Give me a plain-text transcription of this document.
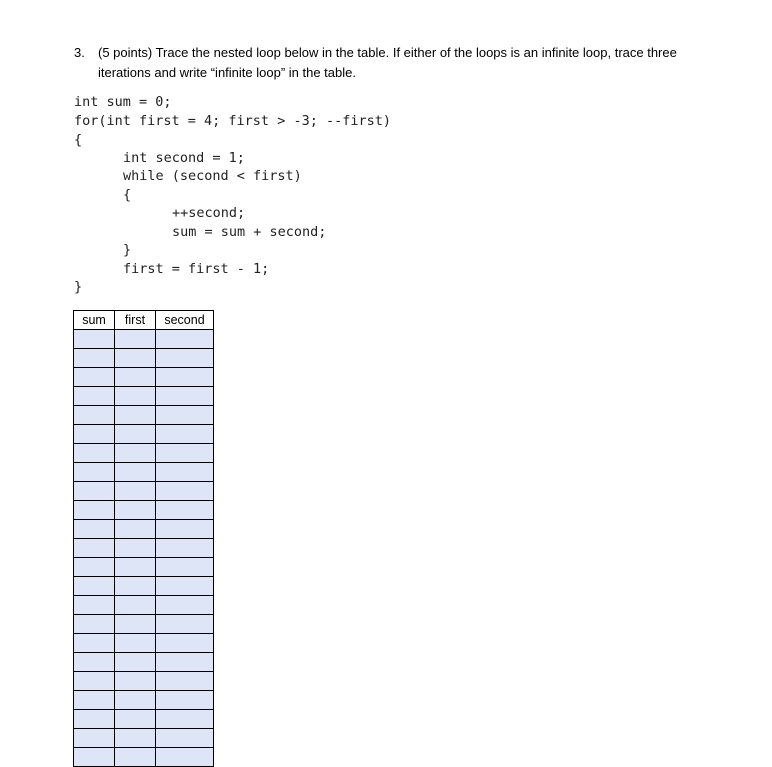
3. (5 points) Trace the nested loop below in the table. If either of the loops is an infinite loop, trace three iterations and write “infinite loop” in the table.
int sum = 0;
for(int first = 4; first > -3; --first)
{
int second = 1;
while (second < first)
{
++second;
sum = sum + second;
}
first = first - 1;
}
sum	first	second
